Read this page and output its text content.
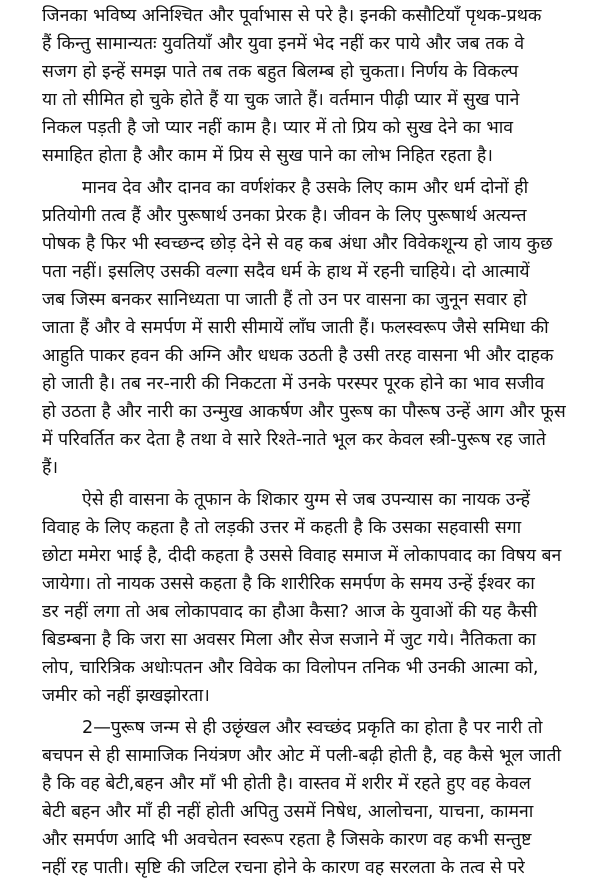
जिनका भविष्य अनिश्चित और पूर्वाभास से परे है। इनकी कसौटियाँ पृथक-प्रथक
हैं किन्तु सामान्यतः युवतियाँ और युवा इनमें भेद नहीं कर पाये और जब तक वे
सजग हो इन्हें समझ पाते तब तक बहुत बिलम्ब हो चुकता। निर्णय के विकल्प
या तो सीमित हो चुके होते हैं या चुक जाते हैं। वर्तमान पीढ़ी प्यार में सुख पाने
निकल पड़ती है जो प्यार नहीं काम है। प्यार में तो प्रिय को सुख देने का भाव
समाहित होता है और काम में प्रिय से सुख पाने का लोभ निहित रहता है।
मानव देव और दानव का वर्णशंकर है उसके लिए काम और धर्म दोनों ही
प्रतियोगी तत्व हैं और पुरूषार्थ उनका प्रेरक है। जीवन के लिए पुरूषार्थ अत्यन्त
पोषक है फिर भी स्वच्छन्द छोड़ देने से वह कब अंधा और विवेकशून्य हो जाय कुछ
पता नहीं। इसलिए उसकी वल्गा सदैव धर्म के हाथ में रहनी चाहिये। दो आत्मायें
जब जिस्म बनकर सानिध्यता पा जाती हैं तो उन पर वासना का जुनून सवार हो
जाता हैं और वे समर्पण में सारी सीमायें लाँघ जाती हैं। फलस्वरूप जैसे समिधा की
आहुति पाकर हवन की अग्नि और धधक उठती है उसी तरह वासना भी और दाहक
हो जाती है। तब नर-नारी की निकटता में उनके परस्पर पूरक होने का भाव सजीव
हो उठता है और नारी का उन्मुख आकर्षण और पुरूष का पौरूष उन्हें आग और फूस
में परिवर्तित कर देता है तथा वे सारे रिश्ते-नाते भूल कर केवल स्त्री-पुरूष रह जाते
हैं।
ऐसे ही वासना के तूफान के शिकार युग्म से जब उपन्यास का नायक उन्हें
विवाह के लिए कहता है तो लड़की उत्तर में कहती है कि उसका सहवासी सगा
छोटा ममेरा भाई है, दीदी कहता है उससे विवाह समाज में लोकापवाद का विषय बन
जायेगा। तो नायक उससे कहता है कि शारीरिक समर्पण के समय उन्हें ईश्वर का
डर नहीं लगा तो अब लोकापवाद का हौआ कैसा? आज के युवाओं की यह कैसी
बिडम्बना है कि जरा सा अवसर मिला और सेज सजाने में जुट गये। नैतिकता का
लोप, चारित्रिक अधोःपतन और विवेक का विलोपन तनिक भी उनकी आत्मा को,
जमीर को नहीं झखझोरता।
2—पुरूष जन्म से ही उछृंखल और स्वच्छंद प्रकृति का होता है पर नारी तो
बचपन से ही सामाजिक नियंत्रण और ओट में पली-बढ़ी होती है, वह कैसे भूल जाती
है कि वह बेटी,बहन और माँ भी होती है। वास्तव में शरीर में रहते हुए वह केवल
बेटी बहन और माँ ही नहीं होती अपितु उसमें निषेध, आलोचना, याचना, कामना
और समर्पण आदि भी अवचेतन स्वरूप रहता है जिसके कारण वह कभी सन्तुष्ट
नहीं रह पाती। सृष्टि की जटिल रचना होने के कारण वह सरलता के तत्व से परे
